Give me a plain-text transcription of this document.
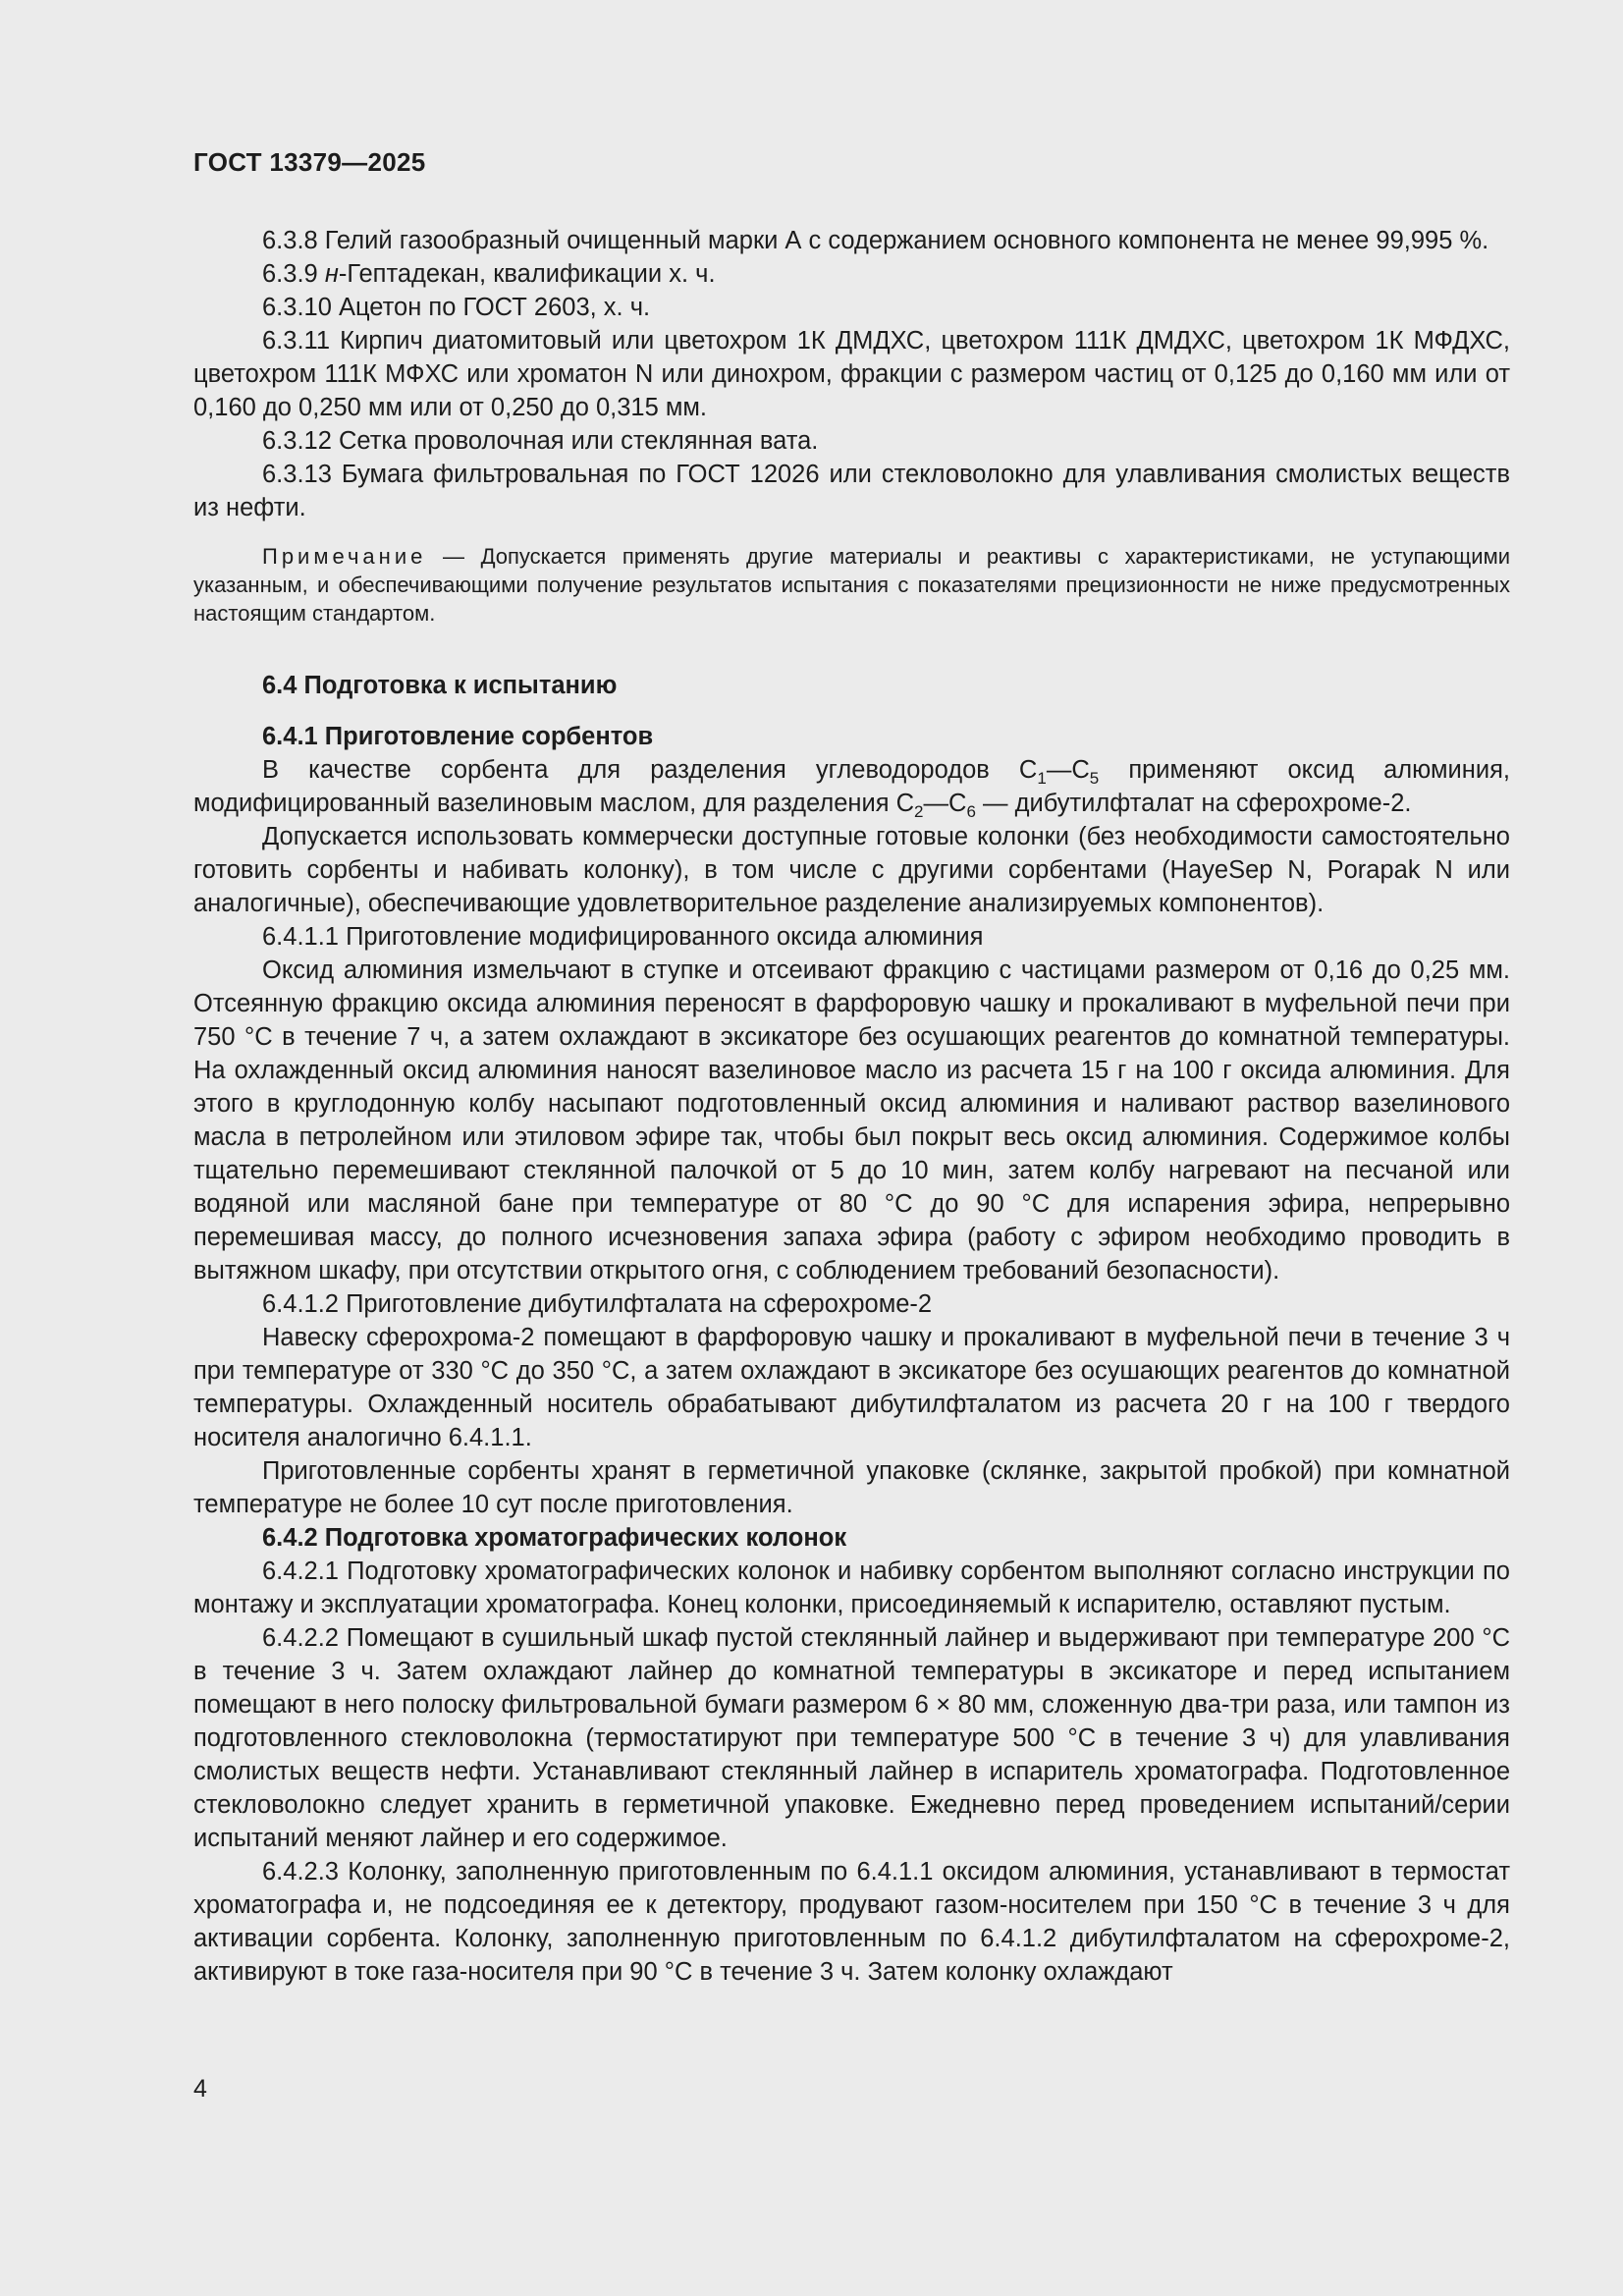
ГОСТ 13379—2025

6.3.8 Гелий газообразный очищенный марки А с содержанием основного компонента не менее 99,995 %.

6.3.9 н-Гептадекан, квалификации х. ч.

6.3.10 Ацетон по ГОСТ 2603, х. ч.

6.3.11 Кирпич диатомитовый или цветохром 1К ДМДХС, цветохром 111К ДМДХС, цветохром 1К МФДХС, цветохром 111К МФХС или хроматон N или динохром, фракции с размером частиц от 0,125 до 0,160 мм или от 0,160 до 0,250 мм или от 0,250 до 0,315 мм.

6.3.12 Сетка проволочная или стеклянная вата.

6.3.13 Бумага фильтровальная по ГОСТ 12026 или стекловолокно для улавливания смолистых веществ из нефти.

Примечание — Допускается применять другие материалы и реактивы с характеристиками, не уступающими указанным, и обеспечивающими получение результатов испытания с показателями прецизионности не ниже предусмотренных настоящим стандартом.

6.4 Подготовка к испытанию

6.4.1 Приготовление сорбентов

В качестве сорбента для разделения углеводородов $С_1—С_5$ применяют оксид алюминия, модифицированный вазелиновым маслом, для разделения $С_2—С_6$ — дибутилфталат на сферохроме-2.

Допускается использовать коммерчески доступные готовые колонки (без необходимости самостоятельно готовить сорбенты и набивать колонку), в том числе с другими сорбентами (HayeSep N, Porapak N или аналогичные), обеспечивающие удовлетворительное разделение анализируемых компонентов).

6.4.1.1 Приготовление модифицированного оксида алюминия

Оксид алюминия измельчают в ступке и отсеивают фракцию с частицами размером от 0,16 до 0,25 мм. Отсеянную фракцию оксида алюминия переносят в фарфоровую чашку и прокаливают в муфельной печи при 750 °С в течение 7 ч, а затем охлаждают в эксикаторе без осушающих реагентов до комнатной температуры. На охлажденный оксид алюминия наносят вазелиновое масло из расчета 15 г на 100 г оксида алюминия. Для этого в круглодонную колбу насыпают подготовленный оксид алюминия и наливают раствор вазелинового масла в петролейном или этиловом эфире так, чтобы был покрыт весь оксид алюминия. Содержимое колбы тщательно перемешивают стеклянной палочкой от 5 до 10 мин, затем колбу нагревают на песчаной или водяной или масляной бане при температуре от 80 °С до 90 °С для испарения эфира, непрерывно перемешивая массу, до полного исчезновения запаха эфира (работу с эфиром необходимо проводить в вытяжном шкафу, при отсутствии открытого огня, с соблюдением требований безопасности).

6.4.1.2 Приготовление дибутилфталата на сферохроме-2

Навеску сферохрома-2 помещают в фарфоровую чашку и прокаливают в муфельной печи в течение 3 ч при температуре от 330 °С до 350 °С, а затем охлаждают в эксикаторе без осушающих реагентов до комнатной температуры. Охлажденный носитель обрабатывают дибутилфталатом из расчета 20 г на 100 г твердого носителя аналогично 6.4.1.1.

Приготовленные сорбенты хранят в герметичной упаковке (склянке, закрытой пробкой) при комнатной температуре не более 10 сут после приготовления.

6.4.2 Подготовка хроматографических колонок

6.4.2.1 Подготовку хроматографических колонок и набивку сорбентом выполняют согласно инструкции по монтажу и эксплуатации хроматографа. Конец колонки, присоединяемый к испарителю, оставляют пустым.

6.4.2.2 Помещают в сушильный шкаф пустой стеклянный лайнер и выдерживают при температуре 200 °С в течение 3 ч. Затем охлаждают лайнер до комнатной температуры в эксикаторе и перед испытанием помещают в него полоску фильтровальной бумаги размером 6 × 80 мм, сложенную два-три раза, или тампон из подготовленного стекловолокна (термостатируют при температуре 500 °С в течение 3 ч) для улавливания смолистых веществ нефти. Устанавливают стеклянный лайнер в испаритель хроматографа. Подготовленное стекловолокно следует хранить в герметичной упаковке. Ежедневно перед проведением испытаний/серии испытаний меняют лайнер и его содержимое.

6.4.2.3 Колонку, заполненную приготовленным по 6.4.1.1 оксидом алюминия, устанавливают в термостат хроматографа и, не подсоединяя ее к детектору, продувают газом-носителем при 150 °С в течение 3 ч для активации сорбента. Колонку, заполненную приготовленным по 6.4.1.2 дибутилфталатом на сферохроме-2, активируют в токе газа-носителя при 90 °С в течение 3 ч. Затем колонку охлаждают

4
